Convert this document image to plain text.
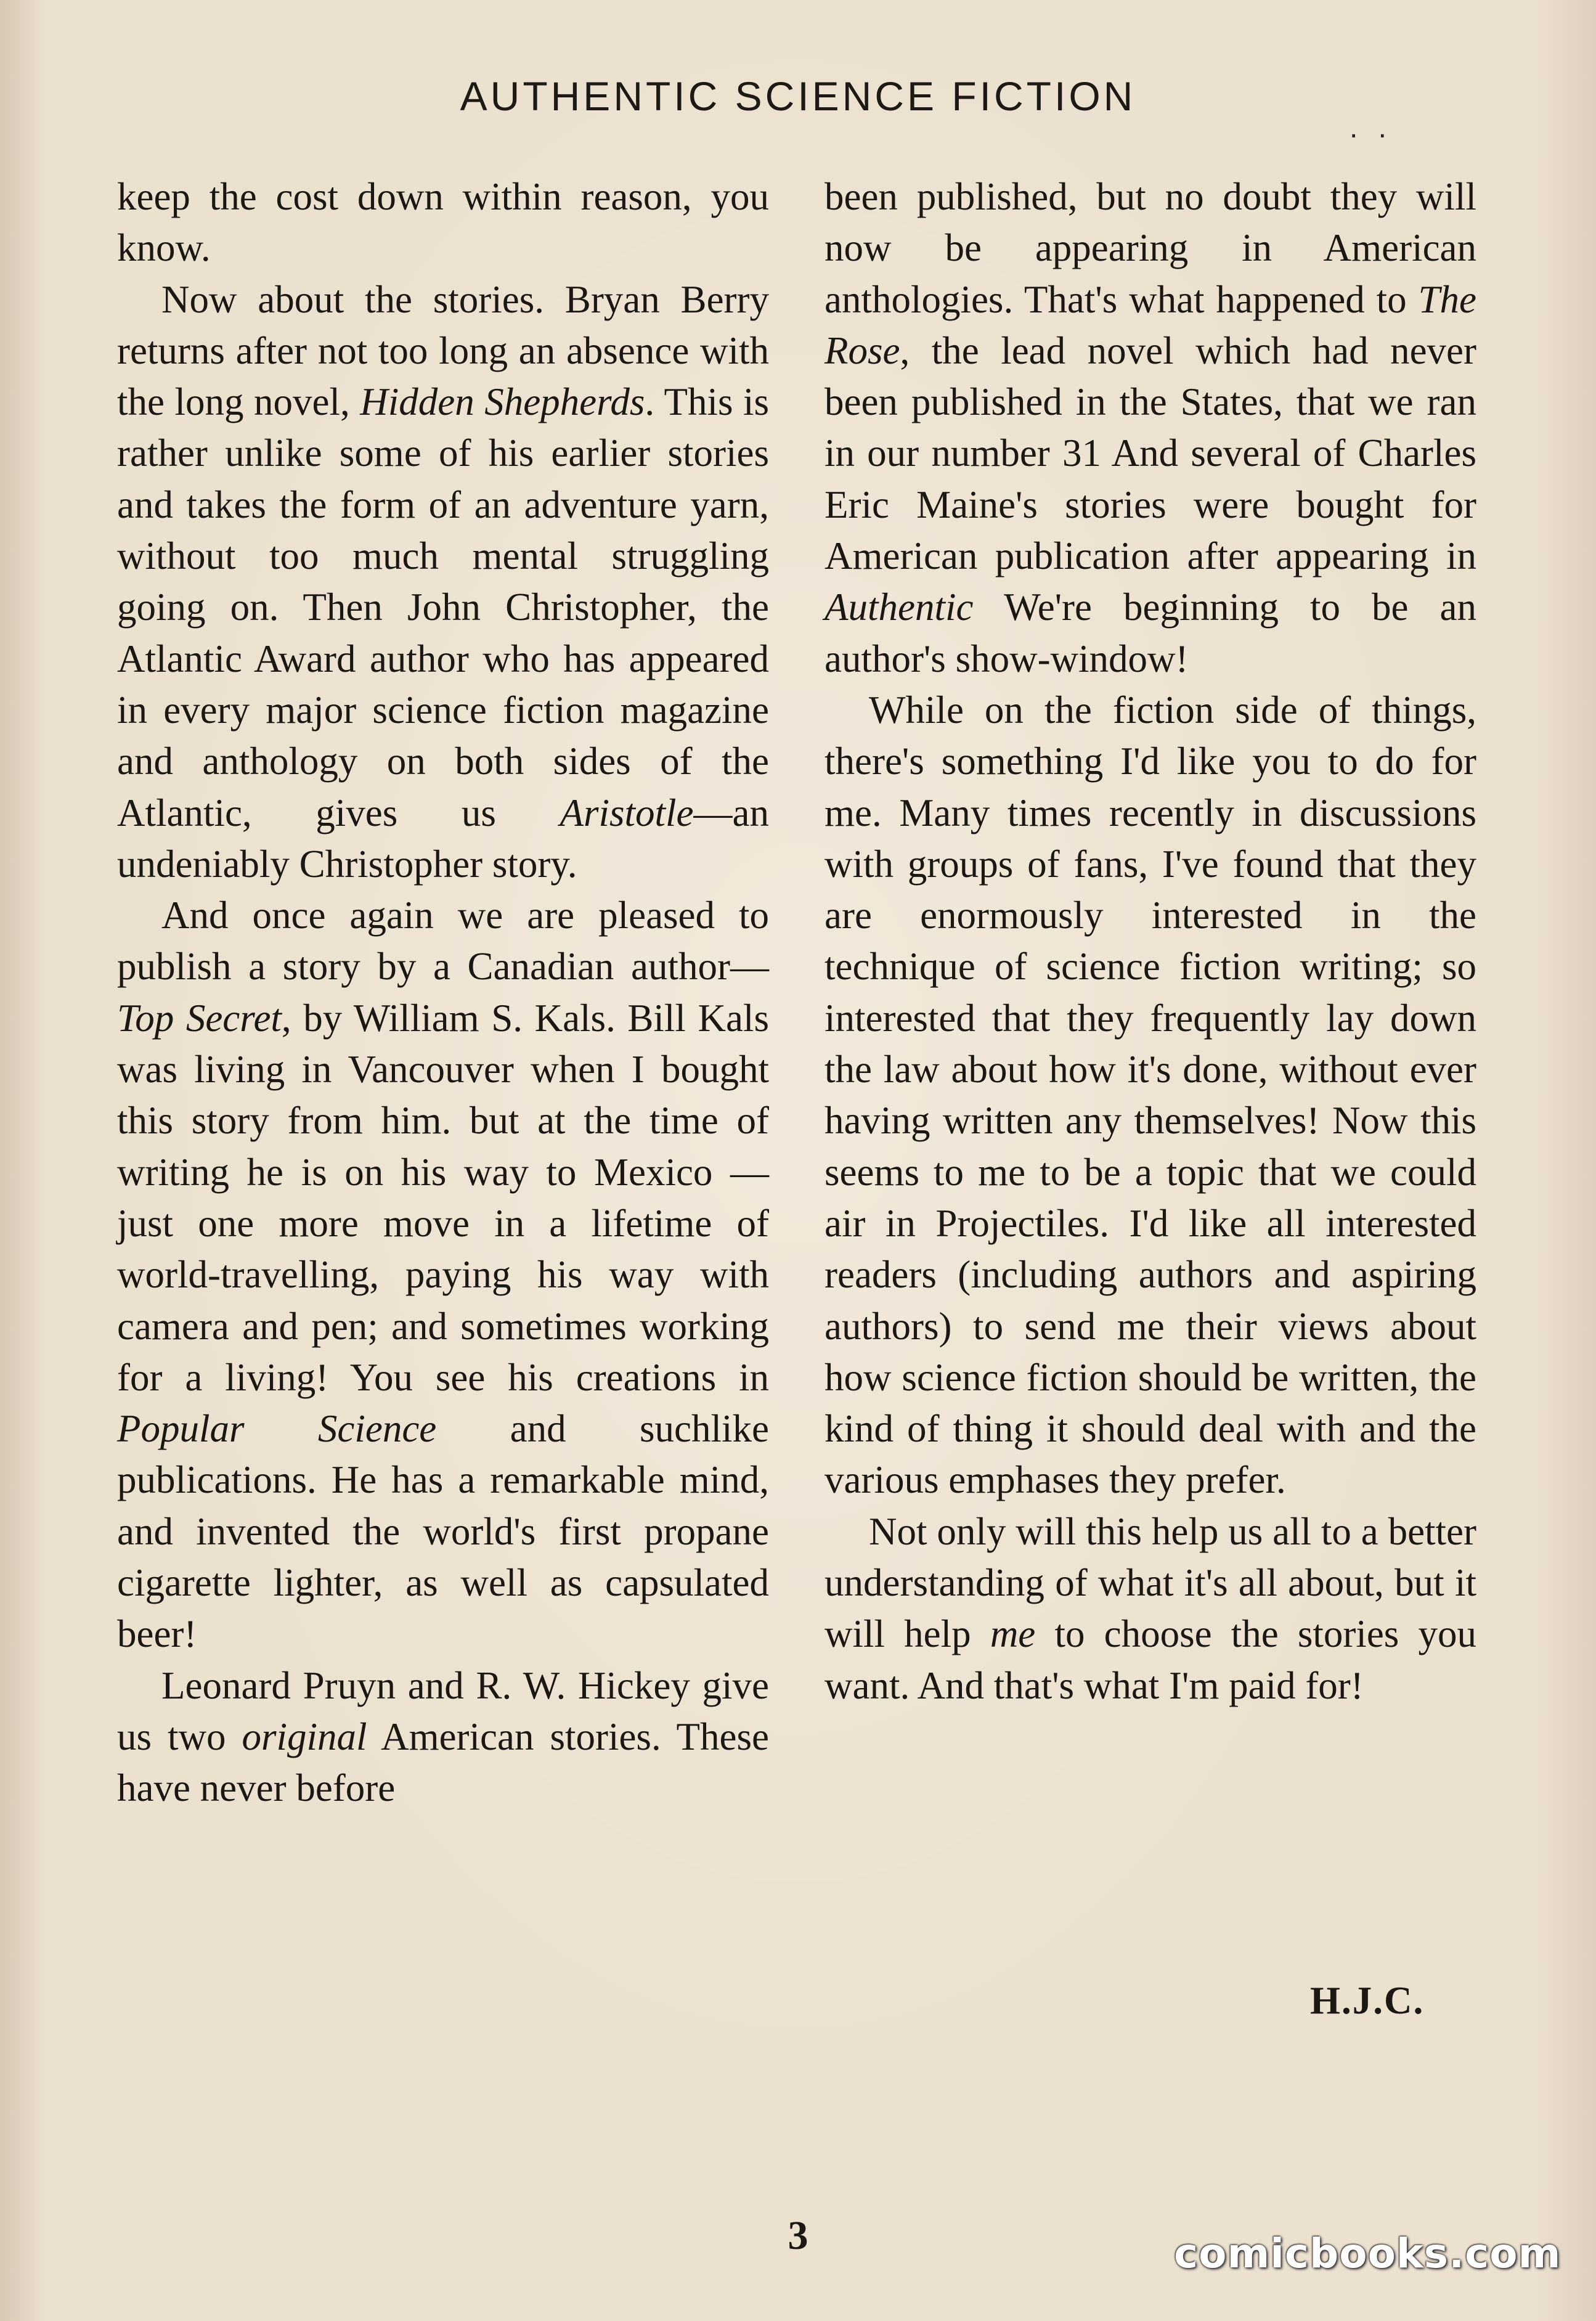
AUTHENTIC SCIENCE FICTION
. .

keep the cost down within reason, you know.

Now about the stories. Bryan Berry returns after not too long an absence with the long novel, Hidden Shepherds. This is rather unlike some of his earlier stories and takes the form of an adventure yarn, without too much mental struggling going on. Then John Christopher, the Atlantic Award author who has appeared in every major science fiction magazine and anthology on both sides of the Atlantic, gives us Aristotle—an undeniably Christopher story.

And once again we are pleased to publish a story by a Canadian author—Top Secret, by William S. Kals. Bill Kals was living in Vancouver when I bought this story from him. but at the time of writing he is on his way to Mexico — just one more move in a lifetime of world-travelling, paying his way with camera and pen; and sometimes working for a living! You see his creations in Popular Science and suchlike publications. He has a remarkable mind, and invented the world's first propane cigarette lighter, as well as capsulated beer!

Leonard Pruyn and R. W. Hickey give us two original American stories. These have never before

been published, but no doubt they will now be appearing in American anthologies. That's what happened to The Rose, the lead novel which had never been published in the States, that we ran in our number 31 And several of Charles Eric Maine's stories were bought for American publication after appearing in Authentic We're beginning to be an author's show-window!

While on the fiction side of things, there's something I'd like you to do for me. Many times recently in discussions with groups of fans, I've found that they are enormously interested in the technique of science fiction writing; so interested that they frequently lay down the law about how it's done, without ever having written any themselves! Now this seems to me to be a topic that we could air in Projectiles. I'd like all interested readers (including authors and aspiring authors) to send me their views about how science fiction should be written, the kind of thing it should deal with and the various emphases they prefer.

Not only will this help us all to a better understanding of what it's all about, but it will help me to choose the stories you want. And that's what I'm paid for!

H.J.C.
3	comicbooks.com
